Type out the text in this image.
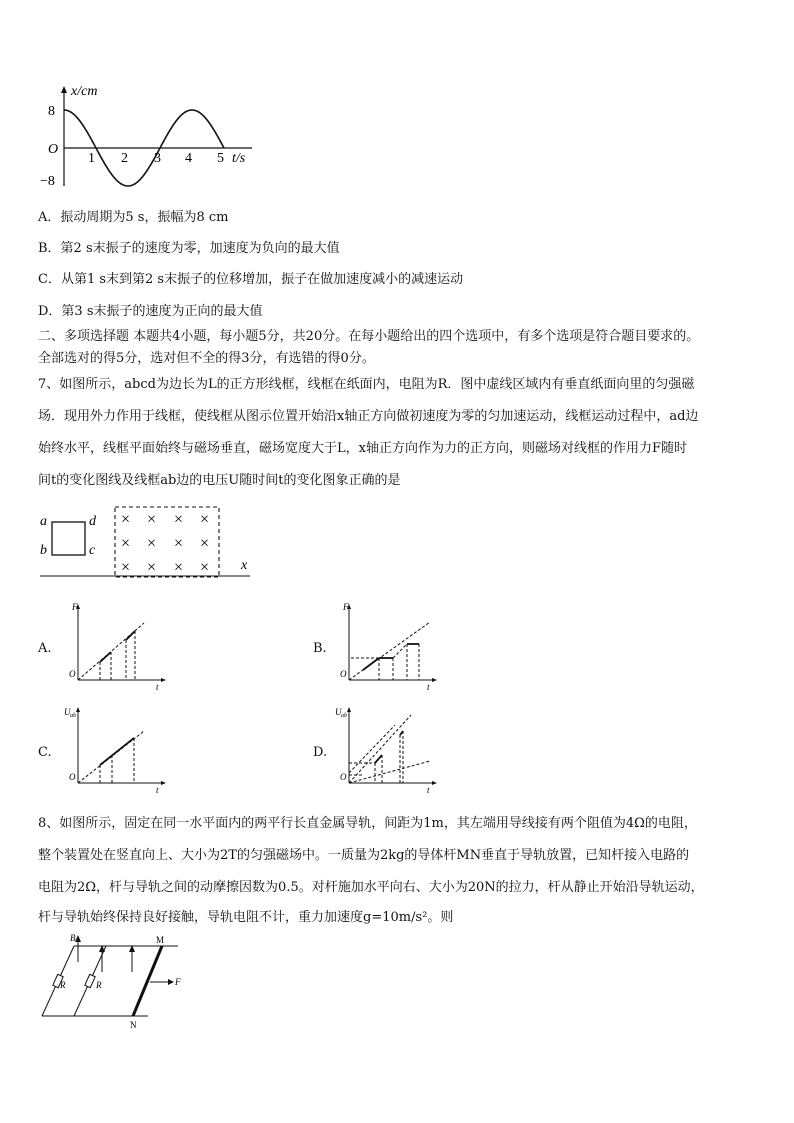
x/cm
8
−8
O
1 2 3 4 5 t/s
A．振动周期为5 s，振幅为8 cm
B．第2 s末振子的速度为零，加速度为负向的最大值
C．从第1 s末到第2 s末振子的位移增加，振子在做加速度减小的减速运动
D．第3 s末振子的速度为正向的最大值
二、多项选择题 本题共4小题，每小题5分，共20分。在每小题给出的四个选项中，有多个选项是符合题目要求的。
全部选对的得5分，选对但不全的得3分，有选错的得0分。
7、如图所示，abcd为边长为L的正方形线框，线框在纸面内，电阻为R．图中虚线区域内有垂直纸面向里的匀强磁
场．现用外力作用于线框，使线框从图示位置开始沿x轴正方向做初速度为零的匀加速运动，线框运动过程中，ad边
始终水平，线框平面始终与磁场垂直，磁场宽度大于L，x轴正方向作为力的正方向，则磁场对线框的作用力F随时
间t的变化图线及线框ab边的电压U随时间t的变化图象正确的是
x
a
b	c
d × × × ×
× × × ×
× × × ×
A.
F
O
t
B.
F
O
t
C.
U ab
O
t
D.
U ab
O
t
8、如图所示，固定在同一水平面内的两平行长直金属导轨，间距为1m，其左端用导线接有两个阻值为4Ω的电阻，
整个装置处在竖直向上、大小为2T的匀强磁场中。一质量为2kg的导体杆MN垂直于导轨放置，已知杆接入电路的
电阻为2Ω，杆与导轨之间的动摩擦因数为0.5。对杆施加水平向右、大小为20N的拉力，杆从静止开始沿导轨运动，
杆与导轨始终保持良好接触，导轨电阻不计，重力加速度g=10m/s²。则
R	R
B	M
N
F
